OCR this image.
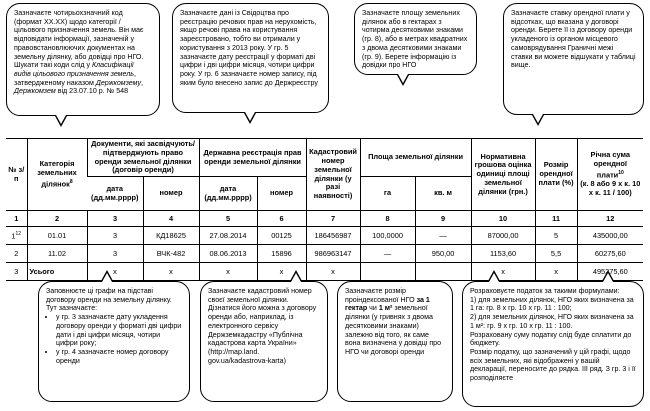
Зазначаєте чотирьохзначний код (формат ХХ.ХХ) щодо категорії / цільового призначення земель. Він має відповідати інформації, зазначеній у правовстановлюючих документах на земельну ділянку, або довідці про НГО. Шукати такі коди слід у Класифікації видів цільового призначення земель, затвердженому наказом Держкомзему, Держкомзем від 23.07.10 р. № 548

Зазначаєте дані із Свідоцтва про реєстрацію речових прав на нерухомість, якщо речові права на користування зареєстровано, тобто ви отримали у користування з 2013 року. У гр. 5 зазначаєте дату реєстрації у форматі дві цифри і дві цифри місяця, чотири цифри року. У гр. 6 зазначаєте номер запису, під яким було внесено запис до Держреєстру

Зазначаєте площу земельних ділянок або в гектарах з чотирма десятковими знаками (гр. 8), або в метрах квадратних з двома десятковими знаками (гр. 9). Берете інформацію із довідки про НГО

Зазначаєте ставку орендної плати у відсотках, що вказана у договорі оренди. Берете її із договору оренди укладеного із органом місцевого самоврядування Граничні межі ставки ви можете відшукати у таблиці вище.

№ з/п	Категорія земельних ділянок$^8$	Документи, які засвідчують/ підтверджують право оренди земельної ділянки (договір оренди)		Державна реєстрація прав оренди земельної ділянки		Кадастровий номер земельної ділянки (у разі наявності)	Площа земельної ділянки		Нормативна грошова оцінка одиниці площі земельної ділянки (грн.)	Розмір орендної плати (%)	Річна сума орендної плати$^{10}$
(к. 8 або 9 х к. 10 х к. 11 / 100)
		дата (дд.мм.рррр)	номер	дата (дд.мм.рррр)	номер		га	кв. м			
1	2	3	4	5	6	7	8	9	10	11	12
$1^{12}$	01.01	3	КД18625	27.08.2014	00125	186456987	100,0000	—	87000,00	5	435000,00
2	11.02	3	ВЧК-482	08.06.2013	15896	986963147	—	950,00	1153,60	5,5	60275,60
3	Усього	х	х	х	х	х			х	х	495275,60

Заповнюєте ці графи на підставі договору оренди на земельну ділянку. Тут зазначаєте:

• у гр. 3 зазначаєте дату укладення договору оренди у форматі дві цифри дати і дві цифри місяця, чотири цифри року;
• у гр. 4 зазначаєте номер договору оренди

Зазначаєте кадастровий номер своєї земельної ділянки. Дізнатися його можна з договору оренди або, наприклад, із електронного сервісу Держземкадастру «Публічна кадастрова карта України» (http://map.land. gov.ua/kadastrova-karta)

Зазначаєте розмір проіндексованої НГО за 1 гектар чи 1 м² земельної ділянки (у гривнях з двома десятковими знаками) залежно від того, як саме вона визначена у довідці про НГО чи договорі оренди

Розраховуєте податок за такими формулами:

1) для земельних ділянок, НГО яких визначена за 1 га: гр. 8 х гр. 10 х гр. 11 : 100;

2) для земельних ділянок, НГО яких визначена за 1 м²: гр. 9 х гр. 10 х гр. 11 : 100.

Розраховану суму податку слід буде сплатити до бюджету.

Розмір податку, що зазначений у цій графі, щодо всіх земельних, які відображені у вашій декларації, переносите до рядка. ІІІ ряд. З гр. 3 і її розподіляєте
